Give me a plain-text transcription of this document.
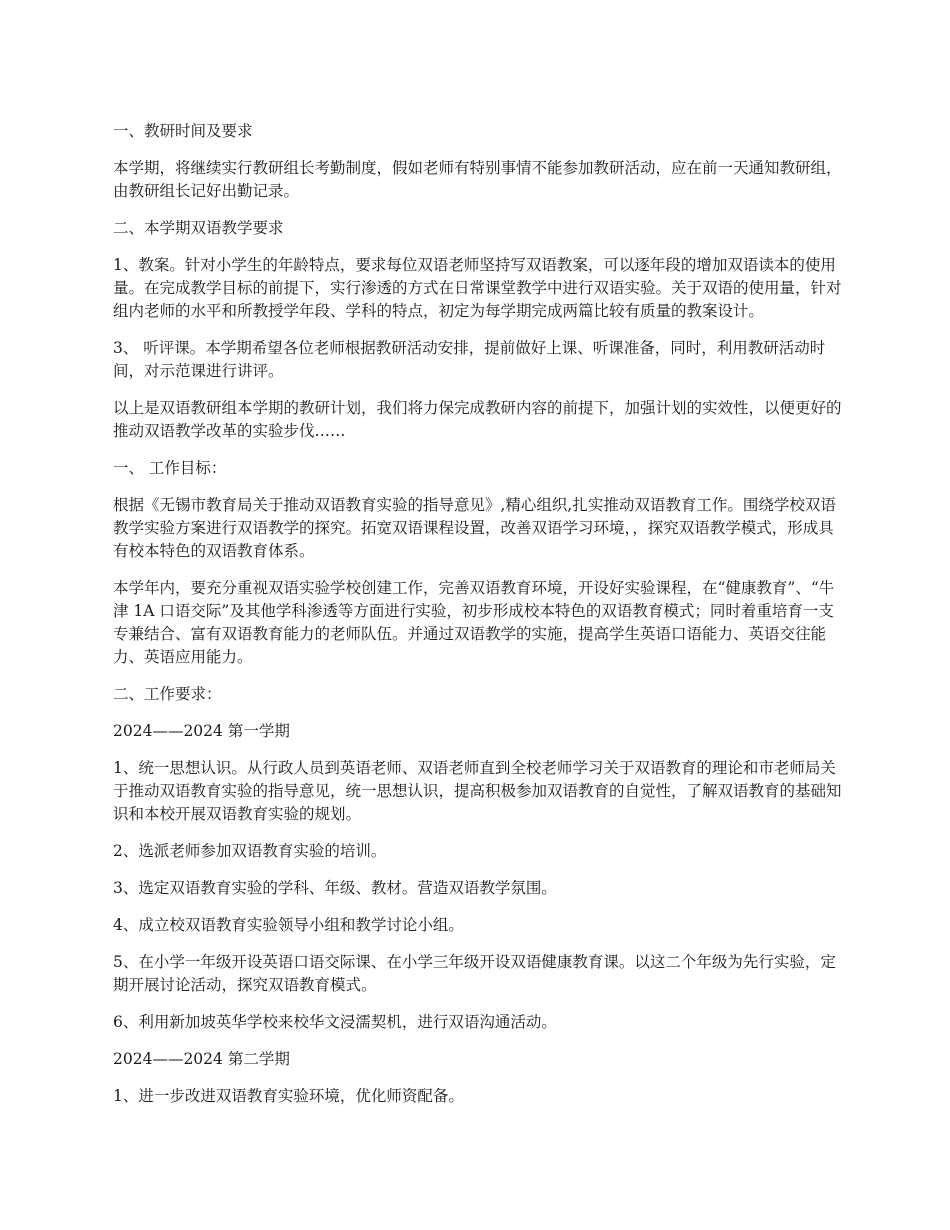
一、教研时间及要求

本学期，将继续实行教研组长考勤制度，假如老师有特别事情不能参加教研活动，应在前一天通知教研组，由教研组长记好出勤记录。

二、本学期双语教学要求

1、教案。针对小学生的年龄特点，要求每位双语老师坚持写双语教案，可以逐年段的增加双语读本的使用量。在完成教学目标的前提下，实行渗透的方式在日常课堂教学中进行双语实验。关于双语的使用量，针对组内老师的水平和所教授学年段、学科的特点，初定为每学期完成两篇比较有质量的教案设计。

3、 听评课。本学期希望各位老师根据教研活动安排，提前做好上课、听课准备，同时，利用教研活动时间，对示范课进行讲评。

以上是双语教研组本学期的教研计划，我们将力保完成教研内容的前提下，加强计划的实效性，以便更好的推动双语教学改革的实验步伐……

一、 工作目标：

根据《无锡市教育局关于推动双语教育实验的指导意见》,精心组织,扎实推动双语教育工作。围绕学校双语教学实验方案进行双语教学的探究。拓宽双语课程设置，改善双语学习环境，，探究双语教学模式，形成具有校本特色的双语教育体系。

本学年内，要充分重视双语实验学校创建工作，完善双语教育环境，开设好实验课程，在“健康教育”、“牛津 1A 口语交际”及其他学科渗透等方面进行实验，初步形成校本特色的双语教育模式；同时着重培育一支专兼结合、富有双语教育能力的老师队伍。并通过双语教学的实施，提高学生英语口语能力、英语交往能力、英语应用能力。

二、工作要求：

2024——2024 第一学期

1、统一思想认识。从行政人员到英语老师、双语老师直到全校老师学习关于双语教育的理论和市老师局关于推动双语教育实验的指导意见，统一思想认识，提高积极参加双语教育的自觉性，了解双语教育的基础知识和本校开展双语教育实验的规划。

2、选派老师参加双语教育实验的培训。

3、选定双语教育实验的学科、年级、教材。营造双语教学氛围。

4、成立校双语教育实验领导小组和教学讨论小组。

5、在小学一年级开设英语口语交际课、在小学三年级开设双语健康教育课。以这二个年级为先行实验，定期开展讨论活动，探究双语教育模式。

6、利用新加坡英华学校来校华文浸濡契机，进行双语沟通活动。

2024——2024 第二学期

1、进一步改进双语教育实验环境，优化师资配备。
